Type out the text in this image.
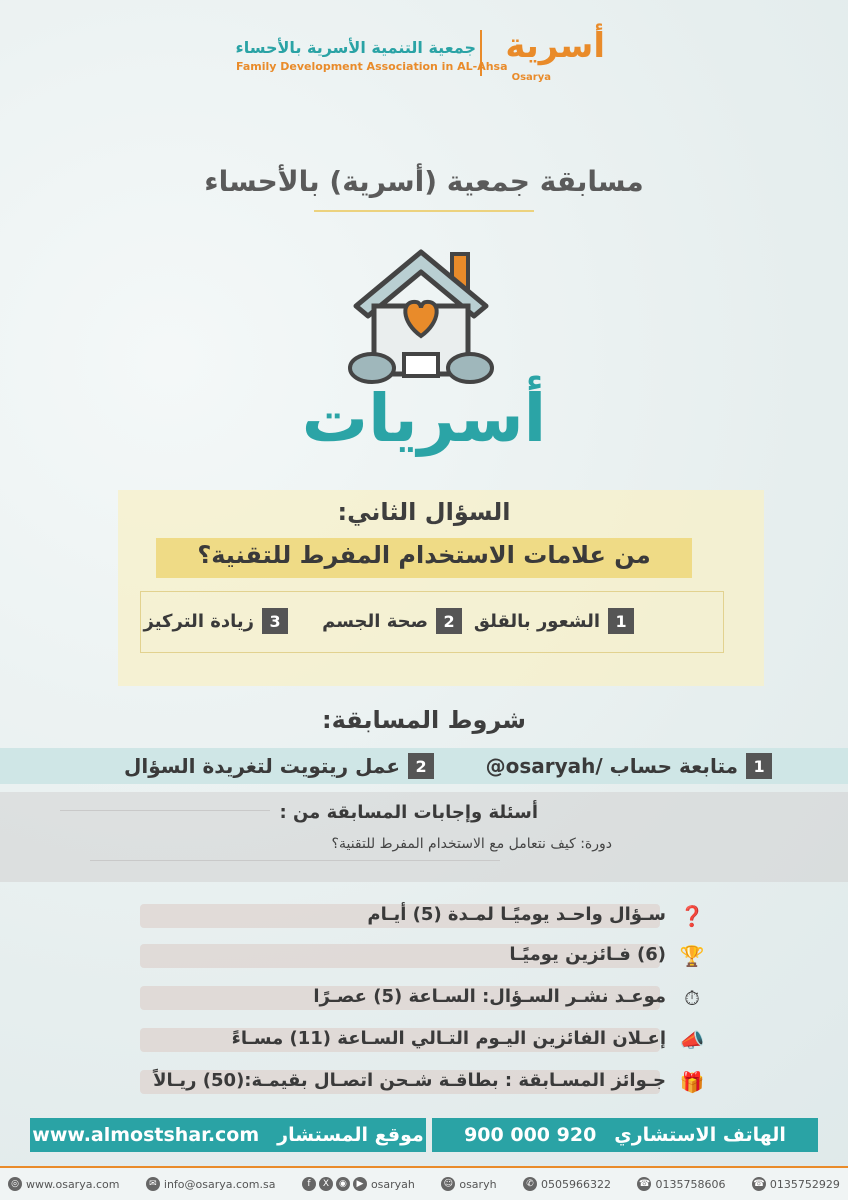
أسرية
Osarya
جمعية التنمية الأسرية بالأحساء
Family Development Association in AL-Ahsa
مسابقة جمعية (أسرية) بالأحساء
أسريات
السؤال الثاني:
من علامات الاستخدام المفرط للتقنية؟
1
الشعور بالقلق
2
صحة الجسم
3
زيادة التركيز
شروط المسابقة:
1
متابعة حساب /osaryah@
2
عمل ريتويت لتغريدة السؤال
أسئلة وإجابات المسابقة من :
دورة: كيف نتعامل مع الاستخدام المفرط للتقنية؟
❓
سـؤال واحـد يوميًـا لمـدة (5) أيـام
🏆
(6) فـائزين يوميًـا
⏱
موعـد نشـر السـؤال: السـاعة (5) عصـرًا
📣
إعـلان الفائزين اليـوم التـالي السـاعة (11) مسـاءً
🎁
جـوائز المسـابقة : بطاقـة شـحن اتصـال بقيمـة:(50) ريـالاً
الهاتف الاستشاري
900 000 920
موقع المستشار
www.almostshar.com
◎ www.osarya.com	✉ info@osarya.com.sa	f	X	◉	▶ osaryah	☺ osaryh	✆ 0505966322	☎ 0135758606	☎ 0135752929
